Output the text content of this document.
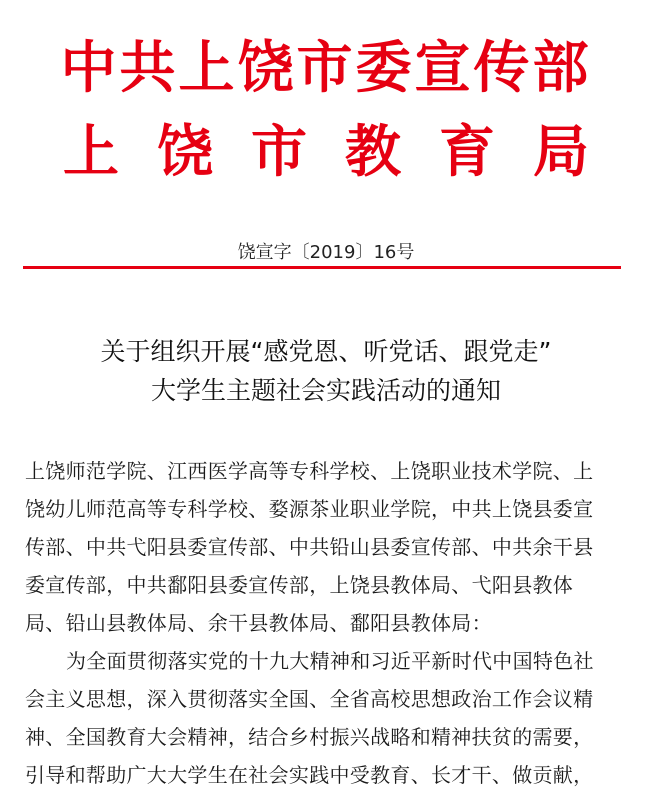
中共上饶市委宣传部
上饶市教育局
饶宣字〔2019〕16号
关于组织开展“感党恩、听党话、跟党走”
大学生主题社会实践活动的通知
上饶师范学院、江西医学高等专科学校、上饶职业技术学院、上
饶幼儿师范高等专科学校、婺源茶业职业学院，中共上饶县委宣
传部、中共弋阳县委宣传部、中共铅山县委宣传部、中共余干县
委宣传部，中共鄱阳县委宣传部，上饶县教体局、弋阳县教体
局、铅山县教体局、余干县教体局、鄱阳县教体局：
为全面贯彻落实党的十九大精神和习近平新时代中国特色社
会主义思想，深入贯彻落实全国、全省高校思想政治工作会议精
神、全国教育大会精神，结合乡村振兴战略和精神扶贫的需要，
引导和帮助广大大学生在社会实践中受教育、长才干、做贡献，
